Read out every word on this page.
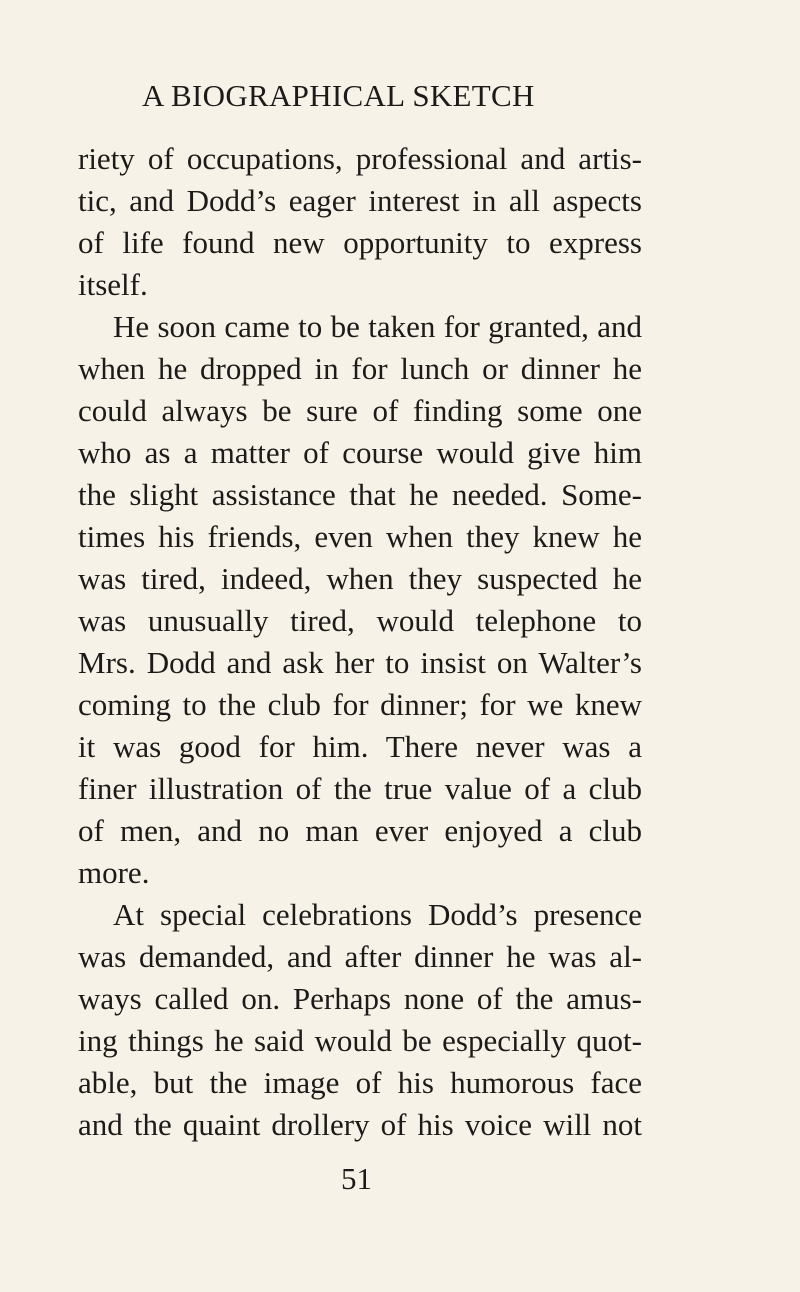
A BIOGRAPHICAL SKETCH
riety of occupations, professional and artis-
tic, and Dodd’s eager interest in all aspects
of life found new opportunity to express
itself.
He soon came to be taken for granted, and
when he dropped in for lunch or dinner he
could always be sure of finding some one
who as a matter of course would give him
the slight assistance that he needed. Some-
times his friends, even when they knew he
was tired, indeed, when they suspected he
was unusually tired, would telephone to
Mrs. Dodd and ask her to insist on Walter’s
coming to the club for dinner; for we knew
it was good for him. There never was a
finer illustration of the true value of a club
of men, and no man ever enjoyed a club
more.
At special celebrations Dodd’s presence
was demanded, and after dinner he was al-
ways called on. Perhaps none of the amus-
ing things he said would be especially quot-
able, but the image of his humorous face
and the quaint drollery of his voice will not
51
